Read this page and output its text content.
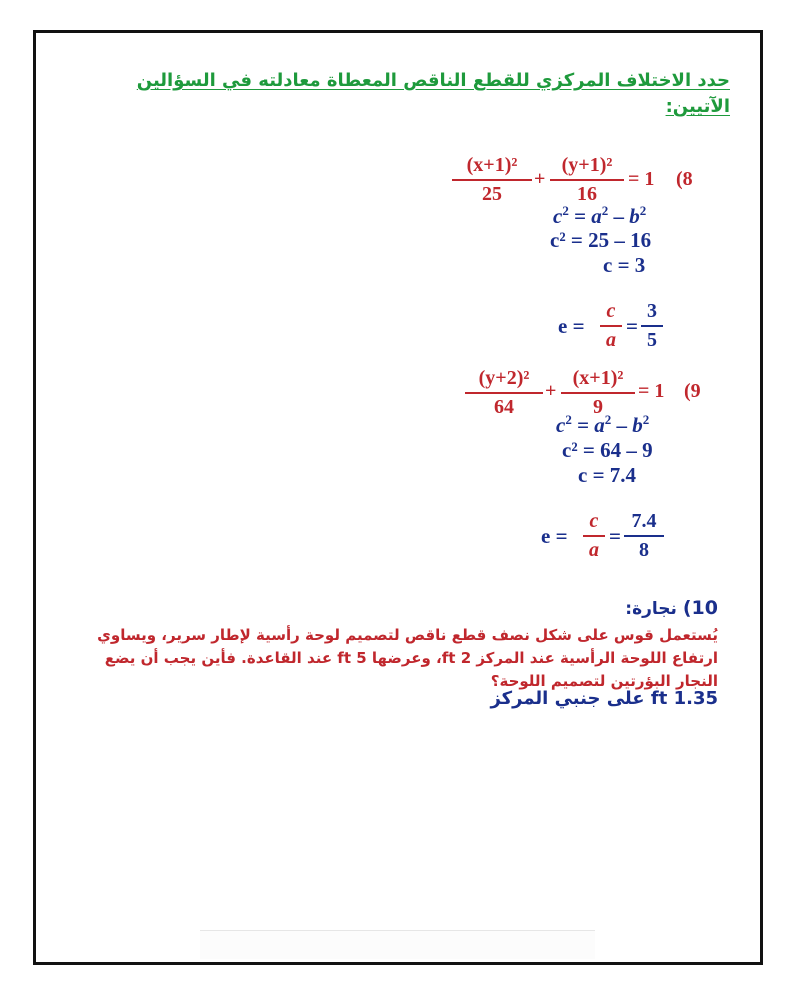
حدد الاختلاف المركزي للقطع الناقص المعطاة معادلته في السؤالين الآتيين:
(x+1)²
25
+
(y+1)²
16
= 1 (8
$c^2 = a^2 - b^2$
c² = 25 – 16
c = 3
e =
c
a
=
3
5
(y+2)²
64
+
(x+1)²
9
= 1 (9
$c^2 = a^2 - b^2$
c² = 64 – 9
c = 7.4
e =
c
a
=
7.4
8
10) نجارة:
يُستعمل قوس على شكل نصف قطع ناقص لتصميم لوحة رأسية لإطار سرير، ويساوي ارتفاع اللوحة الرأسية عند المركز 2 ft، وعرضها 5 ft عند القاعدة. فأين يجب أن يضع النجار البؤرتين لتصميم اللوحة؟
1.35 ft على جنبي المركز
